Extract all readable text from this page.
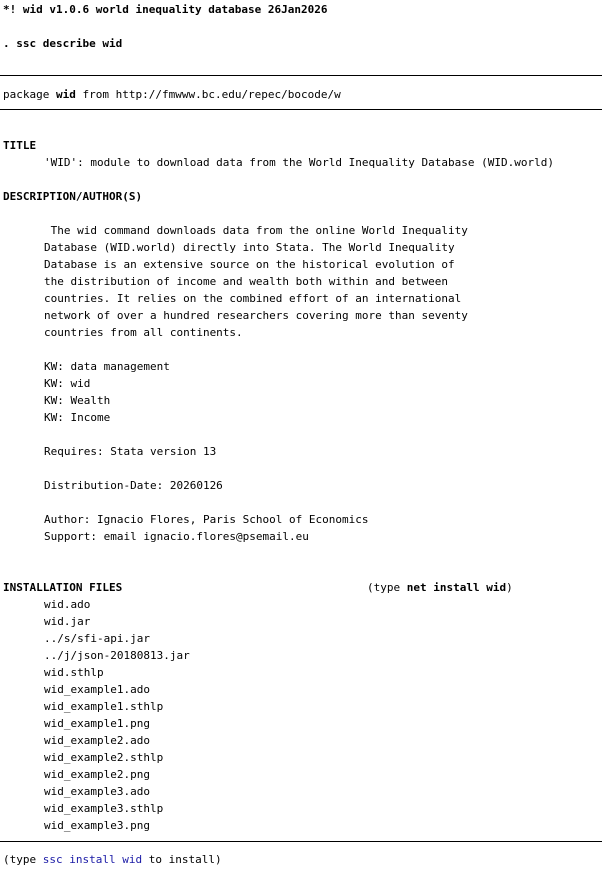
*! wid v1.0.6 world inequality database 26Jan2026
. ssc describe wid
package wid from http://fmwww.bc.edu/repec/bocode/w
TITLE
'WID': module to download data from the World Inequality Database (WID.world)
DESCRIPTION/AUTHOR(S)
The wid command downloads data from the online World Inequality
Database (WID.world) directly into Stata. The World Inequality
Database is an extensive source on the historical evolution of
the distribution of income and wealth both within and between
countries. It relies on the combined effort of an international
network of over a hundred researchers covering more than seventy
countries from all continents.
KW: data management
KW: wid
KW: Wealth
KW: Income
Requires: Stata version 13
Distribution-Date: 20260126
Author: Ignacio Flores, Paris School of Economics
Support: email ignacio.flores@psemail.eu
INSTALLATION FILES	(type net install wid)
wid.ado
wid.jar
../s/sfi-api.jar
../j/json-20180813.jar
wid.sthlp
wid_example1.ado
wid_example1.sthlp
wid_example1.png
wid_example2.ado
wid_example2.sthlp
wid_example2.png
wid_example3.ado
wid_example3.sthlp
wid_example3.png
(type ssc install wid to install)
